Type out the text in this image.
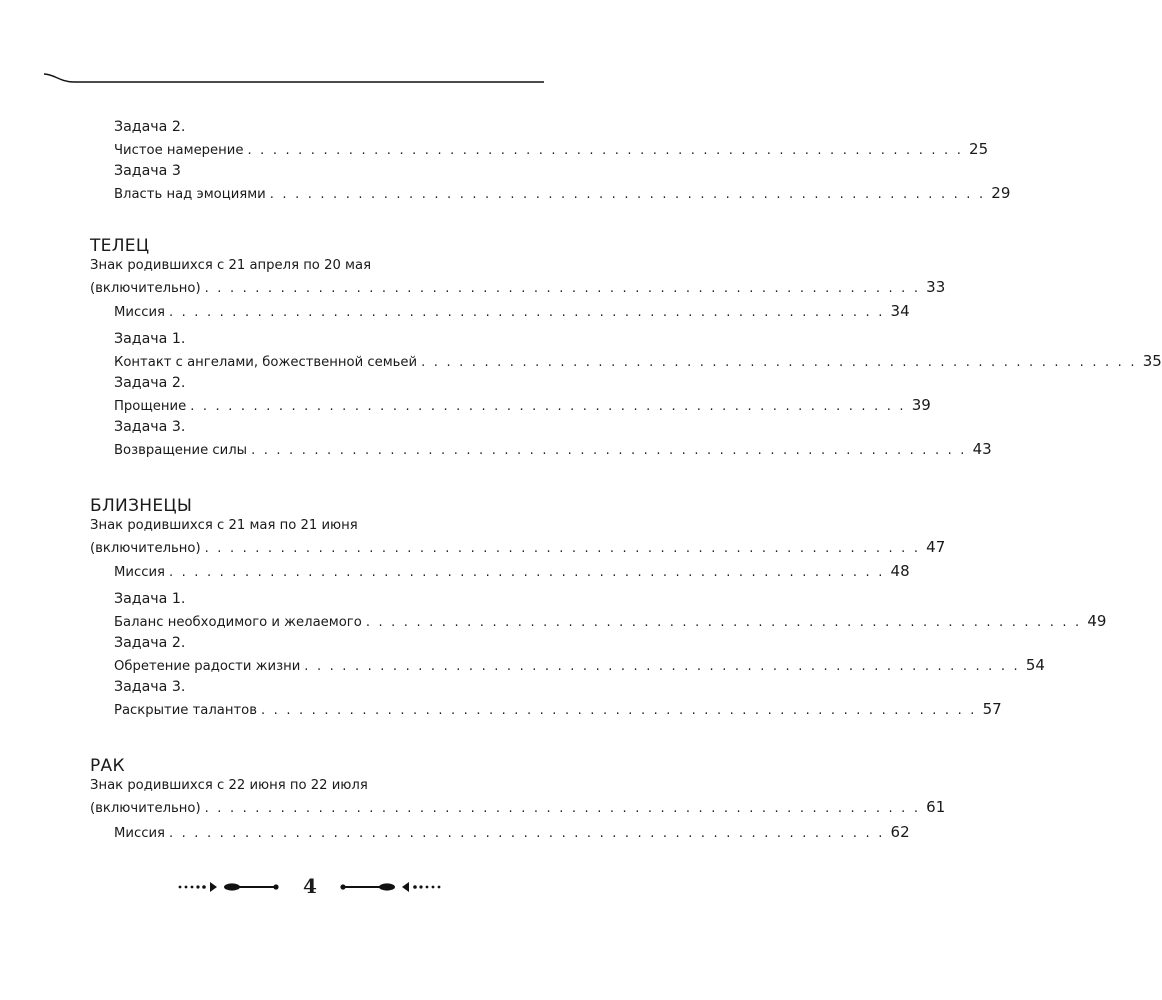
Задача 2.
Чистое намерение . . . . . . . . . . . . . . . . . . . . . . . . . . . . . . . . . . . . . . . . . . . . . . . . . . . . . . . . . 25
Задача 3
Власть над эмоциями . . . . . . . . . . . . . . . . . . . . . . . . . . . . . . . . . . . . . . . . . . . . . . . . . . . . . . . . . 29
ТЕЛЕЦ
Знак родившихся с 21 апреля по 20 мая
(включительно) . . . . . . . . . . . . . . . . . . . . . . . . . . . . . . . . . . . . . . . . . . . . . . . . . . . . . . . . . 33
Миссия . . . . . . . . . . . . . . . . . . . . . . . . . . . . . . . . . . . . . . . . . . . . . . . . . . . . . . . . . 34
Задача 1.
Контакт с ангелами, божественной семьей . . . . . . . . . . . . . . . . . . . . . . . . . . . . . . . . . . . . . . . . . . . . . . . . . . . . . . . . . 35
Задача 2.
Прощение . . . . . . . . . . . . . . . . . . . . . . . . . . . . . . . . . . . . . . . . . . . . . . . . . . . . . . . . . 39
Задача 3.
Возвращение силы . . . . . . . . . . . . . . . . . . . . . . . . . . . . . . . . . . . . . . . . . . . . . . . . . . . . . . . . . 43
БЛИЗНЕЦЫ
Знак родившихся с 21 мая по 21 июня
(включительно) . . . . . . . . . . . . . . . . . . . . . . . . . . . . . . . . . . . . . . . . . . . . . . . . . . . . . . . . . 47
Миссия . . . . . . . . . . . . . . . . . . . . . . . . . . . . . . . . . . . . . . . . . . . . . . . . . . . . . . . . . 48
Задача 1.
Баланс необходимого и желаемого . . . . . . . . . . . . . . . . . . . . . . . . . . . . . . . . . . . . . . . . . . . . . . . . . . . . . . . . . 49
Задача 2.
Обретение радости жизни . . . . . . . . . . . . . . . . . . . . . . . . . . . . . . . . . . . . . . . . . . . . . . . . . . . . . . . . . 54
Задача 3.
Раскрытие талантов . . . . . . . . . . . . . . . . . . . . . . . . . . . . . . . . . . . . . . . . . . . . . . . . . . . . . . . . . 57
РАК
Знак родившихся с 22 июня по 22 июля
(включительно) . . . . . . . . . . . . . . . . . . . . . . . . . . . . . . . . . . . . . . . . . . . . . . . . . . . . . . . . . 61
Миссия . . . . . . . . . . . . . . . . . . . . . . . . . . . . . . . . . . . . . . . . . . . . . . . . . . . . . . . . . 62
4
